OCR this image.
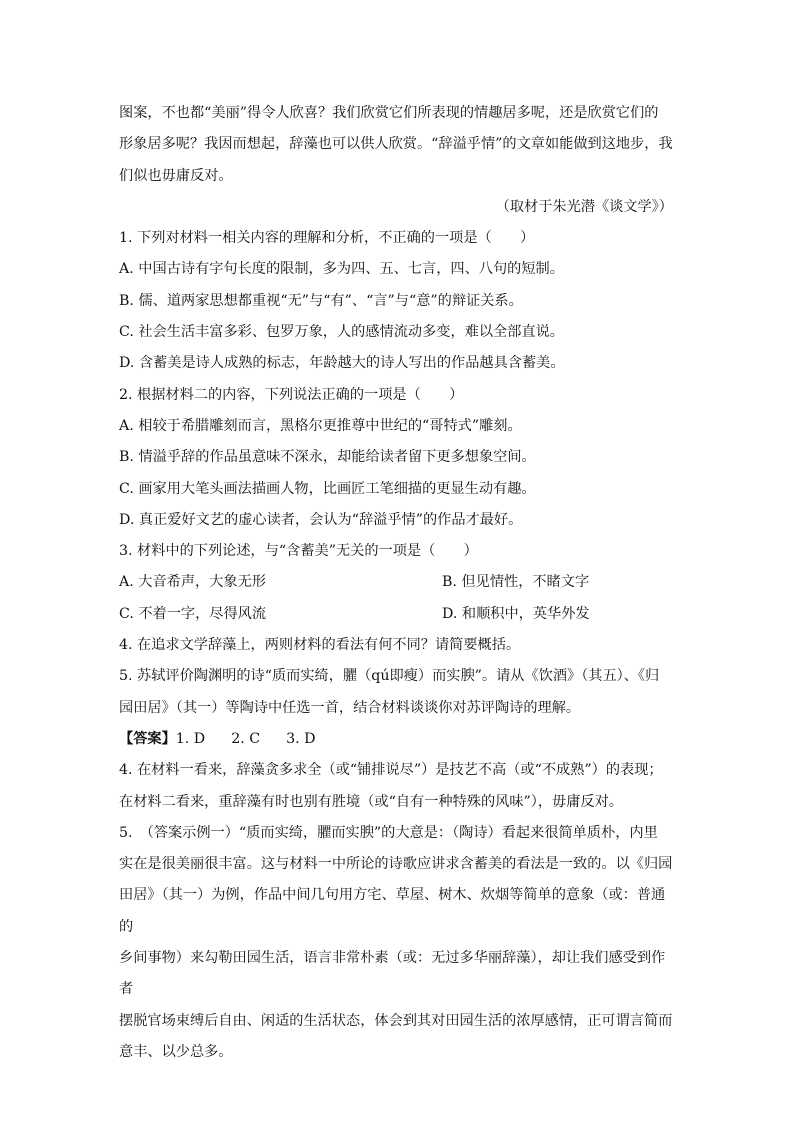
图案，不也都“美丽”得令人欣喜？我们欣赏它们所表现的情趣居多呢，还是欣赏它们的

形象居多呢？我因而想起，辞藻也可以供人欣赏。“辞溢乎情”的文章如能做到这地步，我

们似也毋庸反对。

（取材于朱光潜《谈文学》）

1. 下列对材料一相关内容的理解和分析，不正确的一项是（　　）

A. 中国古诗有字句长度的限制，多为四、五、七言，四、八句的短制。

B. 儒、道两家思想都重视“无”与“有”、“言”与“意”的辩证关系。

C. 社会生活丰富多彩、包罗万象，人的感情流动多变，难以全部直说。

D. 含蓄美是诗人成熟的标志，年龄越大的诗人写出的作品越具含蓄美。

2. 根据材料二的内容，下列说法正确的一项是（　　）

A. 相较于希腊雕刻而言，黑格尔更推尊中世纪的“哥特式”雕刻。

B. 情溢乎辞的作品虽意味不深永，却能给读者留下更多想象空间。

C. 画家用大笔头画法描画人物，比画匠工笔细描的更显生动有趣。

D. 真正爱好文艺的虚心读者，会认为“辞溢乎情”的作品才最好。

3. 材料中的下列论述，与“含蓄美”无关的一项是（　　）

A. 大音希声，大象无形	B. 但见情性，不睹文字
C. 不着一字，尽得风流	D. 和顺积中，英华外发

4. 在追求文学辞藻上，两则材料的看法有何不同？请简要概括。

5. 苏轼评价陶渊明的诗“质而实绮，臞（qú即瘦）而实腴”。请从《饮酒》（其五）、《归

园田居》（其一）等陶诗中任选一首，结合材料谈谈你对苏评陶诗的理解。

【答案】1. D 2. C 3. D

4. 在材料一看来，辞藻贪多求全（或“铺排说尽”）是技艺不高（或“不成熟”）的表现；

在材料二看来，重辞藻有时也别有胜境（或“自有一种特殊的风味”），毋庸反对。

5.　（答案示例一）“质而实绮，臞而实腴”的大意是：（陶诗）看起来很简单质朴，内里

实在是很美丽很丰富。这与材料一中所论的诗歌应讲求含蓄美的看法是一致的。以《归园

田居》（其一）为例，作品中间几句用方宅、草屋、树木、炊烟等简单的意象（或：普通的

乡间事物）来勾勒田园生活，语言非常朴素（或：无过多华丽辞藻），却让我们感受到作者

摆脱官场束缚后自由、闲适的生活状态，体会到其对田园生活的浓厚感情，正可谓言简而

意丰、以少总多。
